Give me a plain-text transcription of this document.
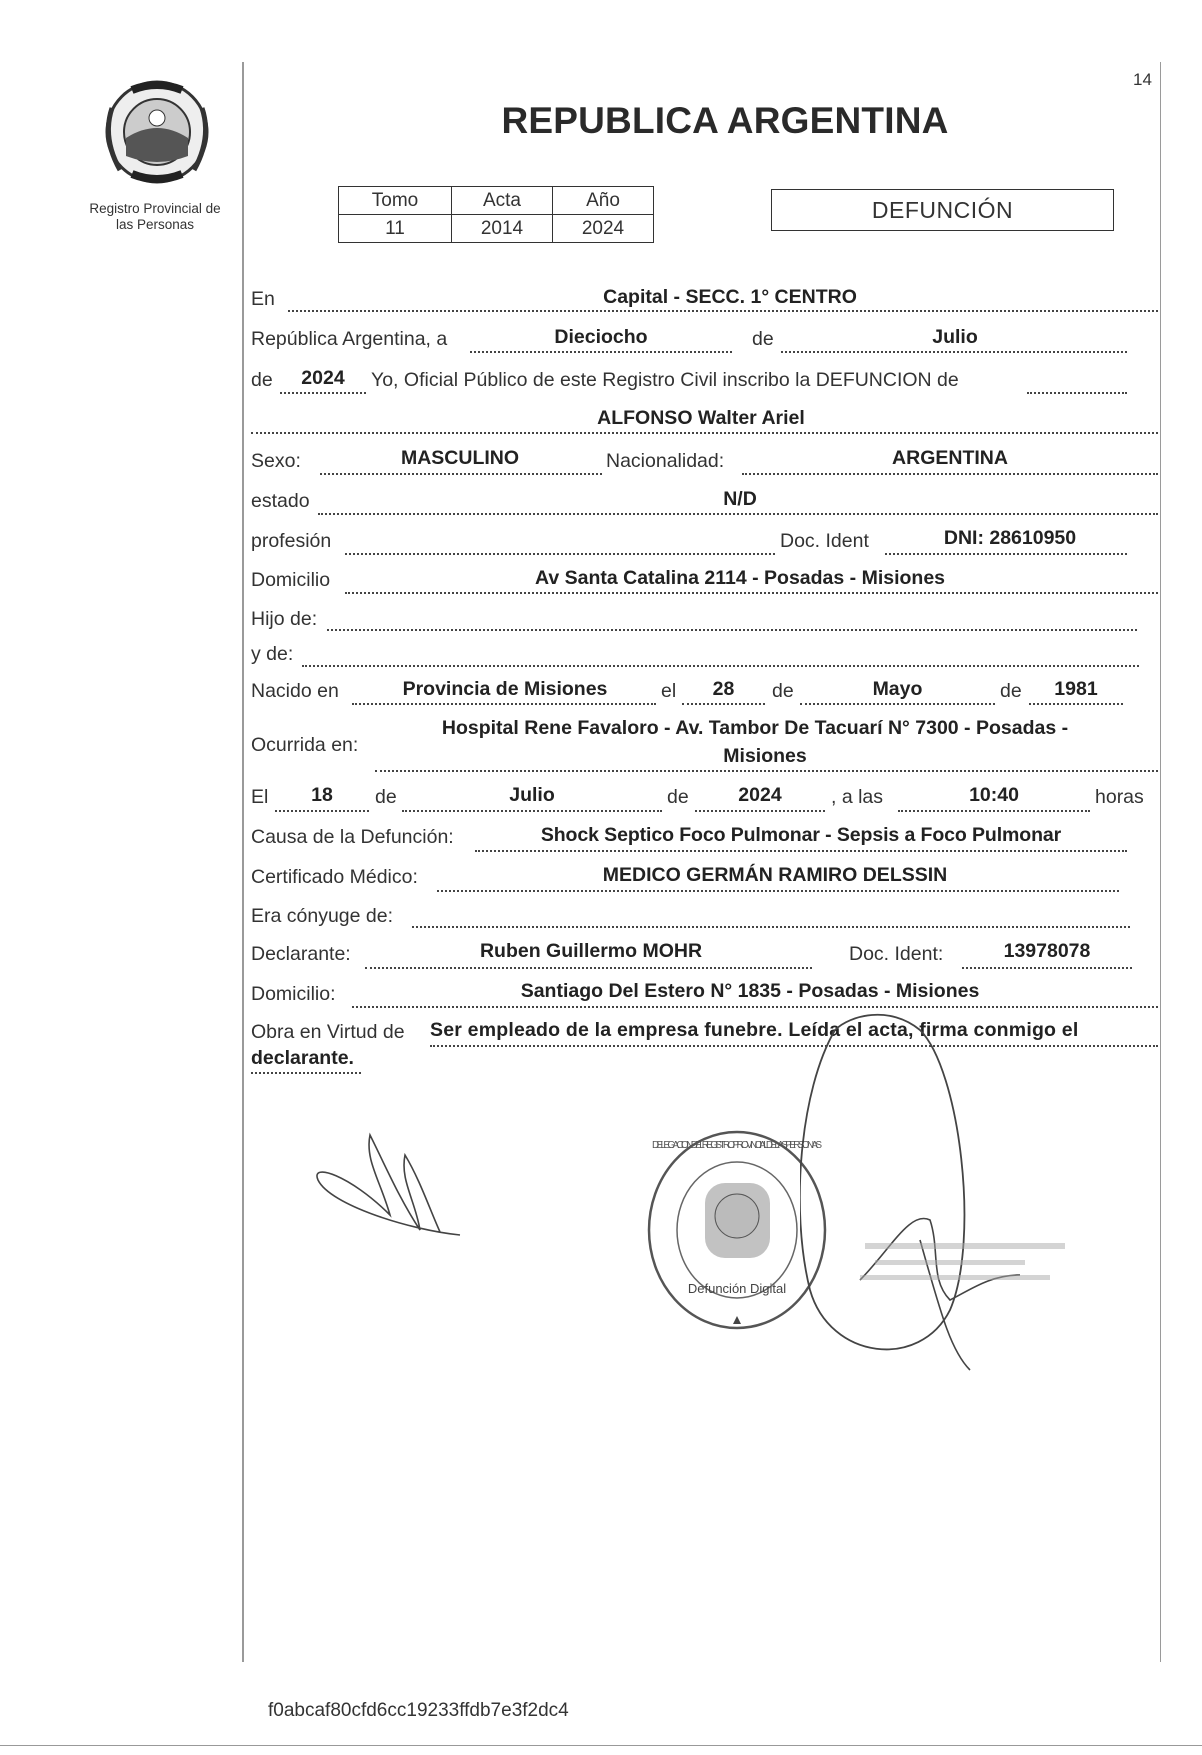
Registro Provincial de
las Personas
14
REPUBLICA ARGENTINA
Tomo	Acta	Año
11	2014	2024
DEFUNCIÓN
En	Capital - SECC. 1° CENTRO
República Argentina, a	Dieciocho	de	Julio
de	2024	Yo, Oficial Público de este Registro Civil inscribo la DEFUNCION de
ALFONSO Walter Ariel
Sexo:	MASCULINO	Nacionalidad:	ARGENTINA
estado	N/D
profesión	Doc. Ident	DNI: 28610950
Domicilio	Av Santa Catalina 2114 - Posadas - Misiones
Hijo de:
y de:
Nacido en	Provincia de Misiones	el	28	de	Mayo	de	1981
Ocurrida en:
Hospital Rene Favaloro - Av. Tambor De Tacuarí N° 7300 - Posadas -
Misiones
El	18	de	Julio	de	2024	, a las	10:40	horas
Causa de la Defunción:	Shock Septico Foco Pulmonar - Sepsis a Foco Pulmonar
Certificado Médico:	MEDICO GERMÁN RAMIRO DELSSIN
Era cónyuge de:
Declarante:	Ruben Guillermo MOHR	Doc. Ident:	13978078
Domicilio:	Santiago Del Estero N° 1835 - Posadas - Misiones
Obra en Virtud de Ser empleado de la empresa funebre. Leída el acta, firma conmigo el
declarante.
Defunción Digital
DELEGACION DEL REGISTRO PROVINCIAL DE LAS PERSONAS
f0abcaf80cfd6cc19233ffdb7e3f2dc4
